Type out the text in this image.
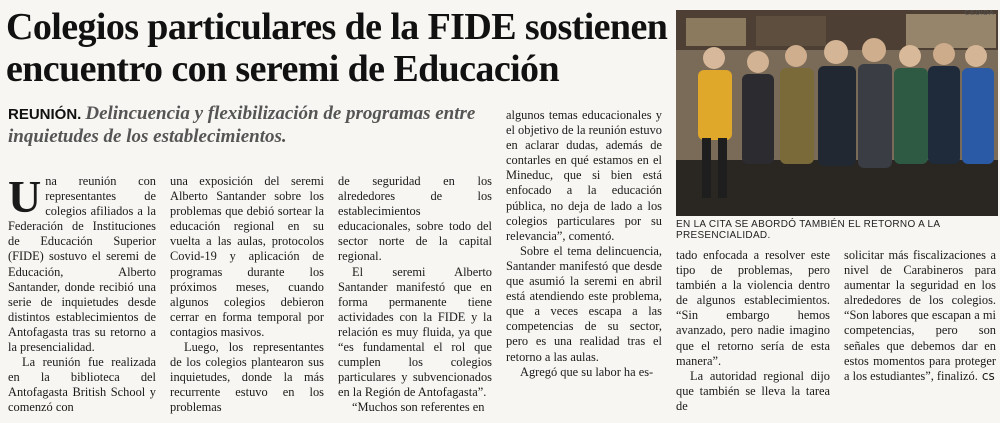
Colegios particulares de la FIDE sostienen encuentro con seremi de Educación
REUNIÓN. Delincuencia y flexibilización de programas entre inquietudes de los establecimientos.

Una reunión con representantes de colegios afiliados a la Federación de Instituciones de Educación Superior (FIDE) sostuvo el seremi de Educación, Alberto Santander, donde recibió una serie de inquietudes desde distintos establecimientos de Antofagasta tras su retorno a la presencialidad.

La reunión fue realizada en la biblioteca del Antofagasta British School y comenzó con

una exposición del seremi Alberto Santander sobre los problemas que debió sortear la educación regional en su vuelta a las aulas, protocolos Covid-19 y aplicación de programas durante los próximos meses, cuando algunos colegios debieron cerrar en forma temporal por contagios masivos.

Luego, los representantes de los colegios plantearon sus inquietudes, donde la más recurrente estuvo en los problemas

de seguridad en los alrededores de los establecimientos educacionales, sobre todo del sector norte de la capital regional.

El seremi Alberto Santander manifestó que en forma permanente tiene actividades con la FIDE y la relación es muy fluida, ya que “es fundamental el rol que cumplen los colegios particulares y subvencionados en la Región de Antofagasta”.

“Muchos son referentes en

algunos temas educacionales y el objetivo de la reunión estuvo en aclarar dudas, además de contarles en qué estamos en el Mineduc, que si bien está enfocado a la educación pública, no deja de lado a los colegios particulares por su relevancia”, comentó.

Sobre el tema delincuencia, Santander manifestó que desde que asumió la seremi en abril está atendiendo este problema, que a veces escapa a las competencias de su sector, pero es una realidad tras el retorno a las aulas.

Agregó que su labor ha es-

CEDIDA
EN LA CITA SE ABORDÓ TAMBIÉN EL RETORNO A LA PRESENCIALIDAD.

tado enfocada a resolver este tipo de problemas, pero también a la violencia dentro de algunos establecimientos. “Sin embargo hemos avanzado, pero nadie imagino que el retorno sería de esta manera”.

La autoridad regional dijo que también se lleva la tarea de

solicitar más fiscalizaciones a nivel de Carabineros para aumentar la seguridad en los alrededores de los colegios. “Son labores que escapan a mi competencias, pero son señales que debemos dar en estos momentos para proteger a los estudiantes”, finalizó. cs
